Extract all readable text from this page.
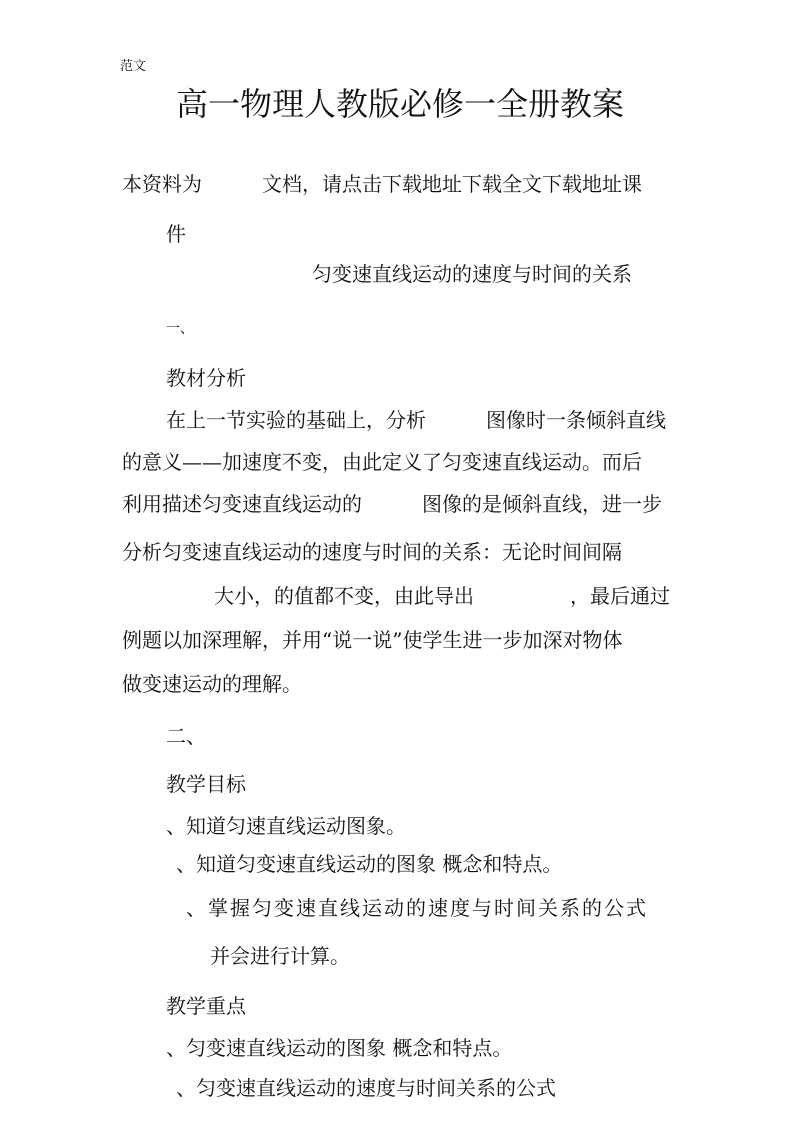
范文
高一物理人教版必修一全册教案
本资料为	文档，请点击下载地址下载全文下载地址课
件
匀变速直线运动的速度与时间的关系
一、
教材分析
在上一节实验的基础上，分析	图像时一条倾斜直线
的意义——加速度不变，由此定义了匀变速直线运动。而后
利用描述匀变速直线运动的	图像的是倾斜直线，进一步
分析匀变速直线运动的速度与时间的关系：无论时间间隔
大小，的值都不变，由此导出	，最后通过
例题以加深理解，并用“说一说”使学生进一步加深对物体
做变速运动的理解。
二、
教学目标
、知道匀速直线运动图象。
、知道匀变速直线运动的图象 概念和特点。
、掌握匀变速直线运动的速度与时间关系的公式
并会进行计算。
教学重点
、匀变速直线运动的图象 概念和特点。
、匀变速直线运动的速度与时间关系的公式
